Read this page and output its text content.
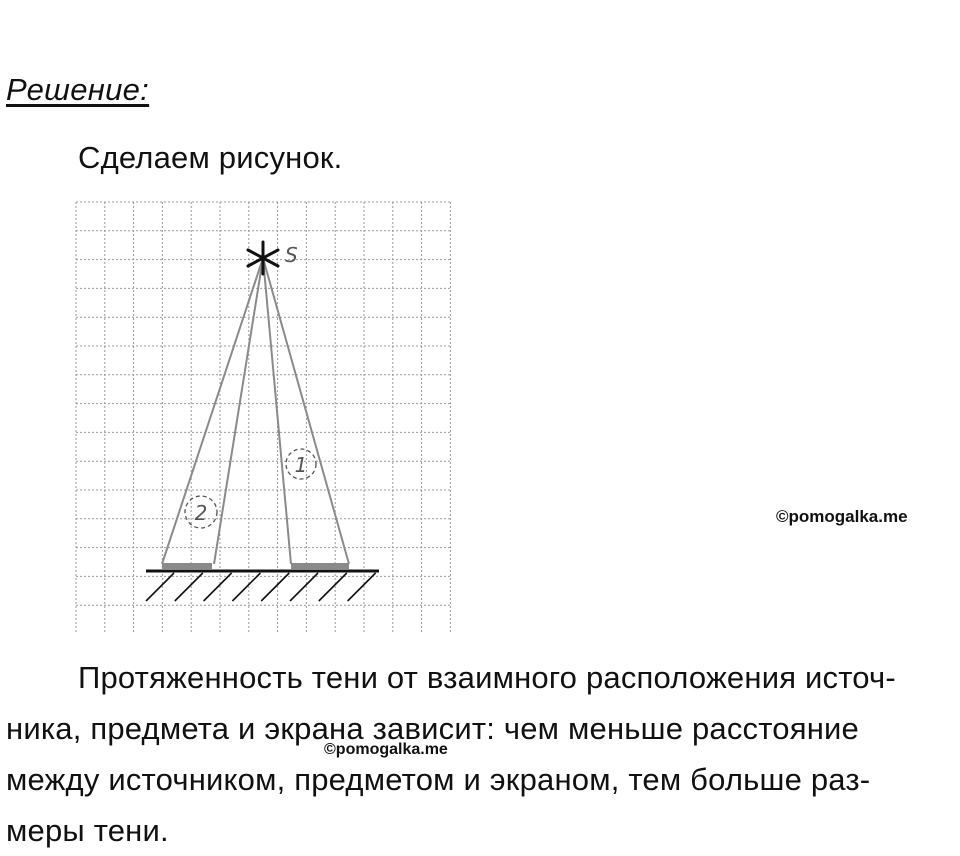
Решение:
Сделаем рисунок.
S
1
2	©pomogalka.me
Протяженность тени от взаимного расположения источ-
ника, предмета и экрана зависит: чем меньше расстояние
между источником, предметом и экраном, тем больше раз-
меры тени.
©pomogalka.me
